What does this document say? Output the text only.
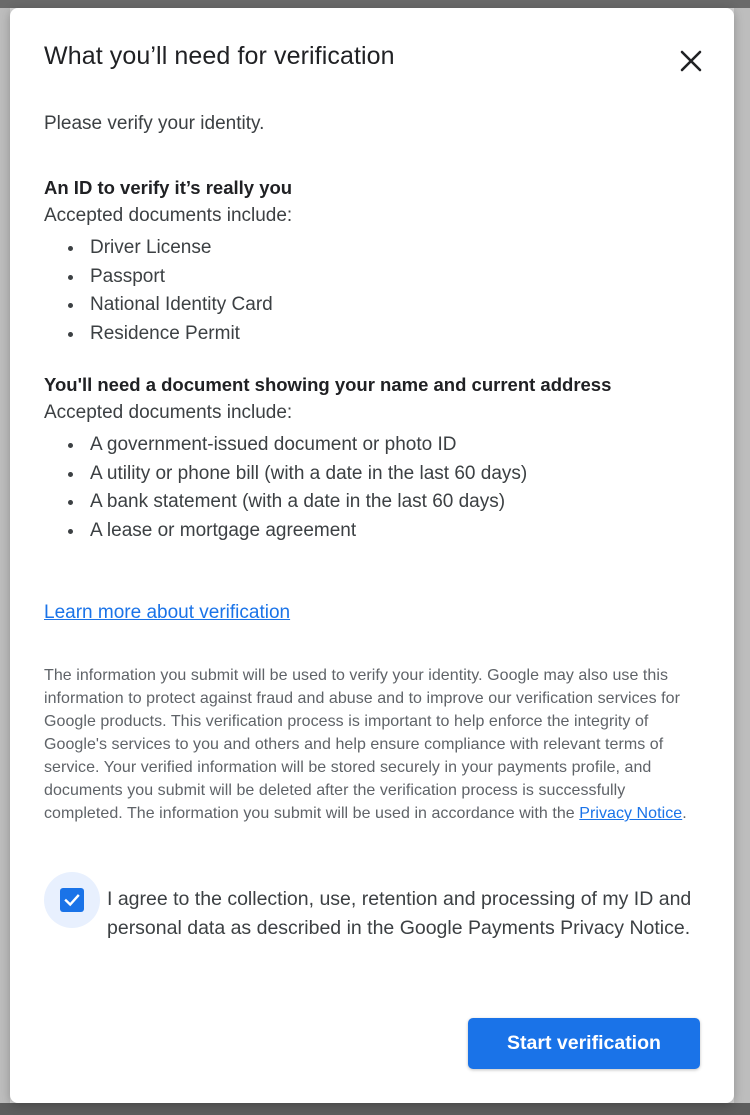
What you’ll need for verification
Please verify your identity.
An ID to verify it’s really you
Accepted documents include:
Driver License
Passport
National Identity Card
Residence Permit
You'll need a document showing your name and current address
Accepted documents include:
A government-issued document or photo ID
A utility or phone bill (with a date in the last 60 days)
A bank statement (with a date in the last 60 days)
A lease or mortgage agreement
Learn more about verification
The information you submit will be used to verify your identity. Google may also use this information to protect against fraud and abuse and to improve our verification services for Google products. This verification process is important to help enforce the integrity of Google's services to you and others and help ensure compliance with relevant terms of service. Your verified information will be stored securely in your payments profile, and documents you submit will be deleted after the verification process is successfully completed. The information you submit will be used in accordance with the Privacy Notice.
I agree to the collection, use, retention and processing of my ID and personal data as described in the Google Payments Privacy Notice.
Start verification
